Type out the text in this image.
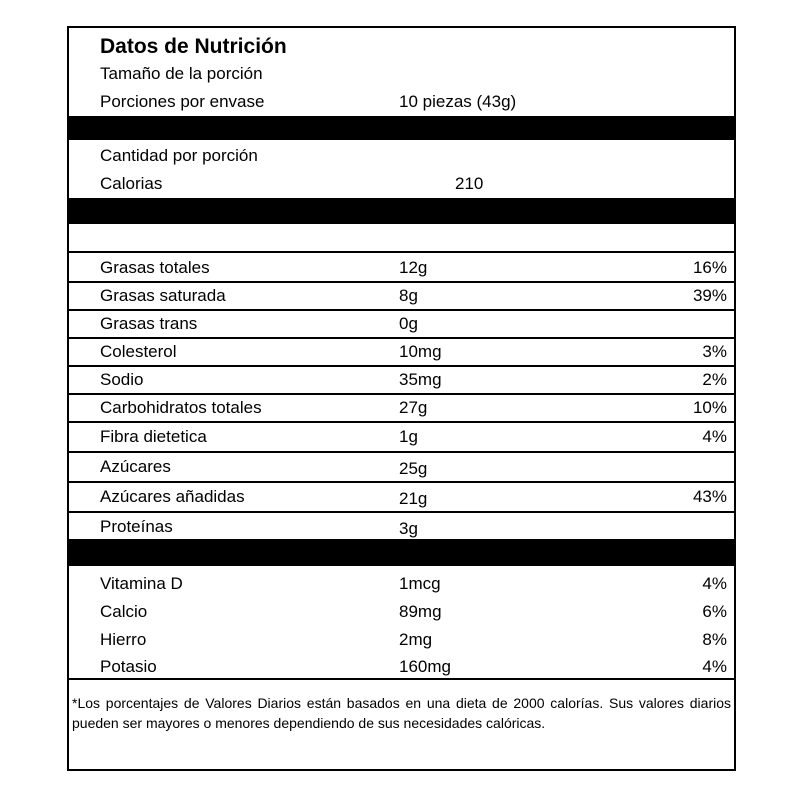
Datos de Nutrición
Tamaño de la porción
Porciones por envase	10 piezas (43g)
Cantidad por porción
Calorias	210
Grasas totales	12g	16%
Grasas saturada	8g	39%
Grasas trans	0g
Colesterol	10mg	3%
Sodio	35mg	2%
Carbohidratos totales	27g	10%
Fibra dietetica	1g	4%
Azúcares	25g
Azúcares añadidas	21g	43%
Proteínas	3g
Vitamina D	1mcg	4%
Calcio	89mg	6%
Hierro	2mg	8%
Potasio	160mg	4%
*Los porcentajes de Valores Diarios están basados en una dieta de 2000 calorías. Sus valores diarios pueden ser mayores o menores dependiendo de sus necesidades calóricas.
